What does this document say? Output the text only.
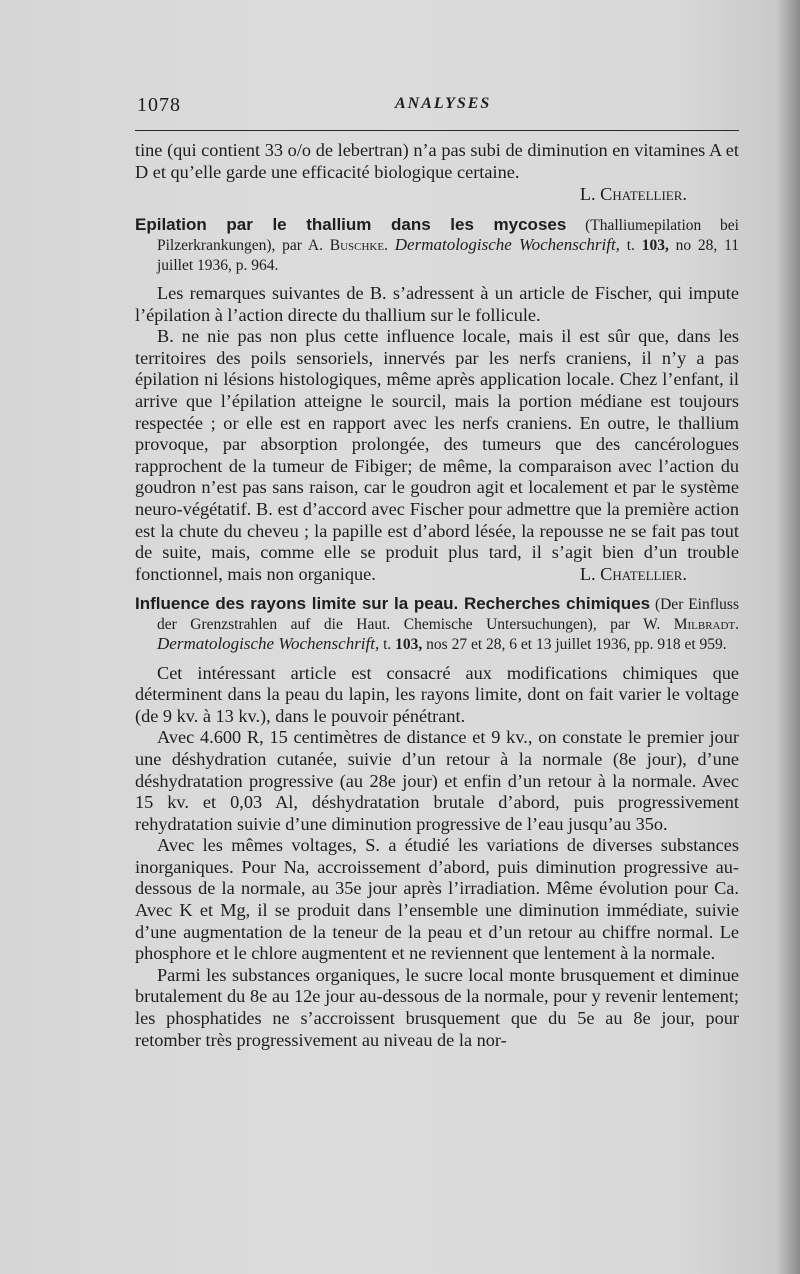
1078	ANALYSES

tine (qui contient 33 o/o de lebertran) n’a pas subi de diminution en vitamines A et D et qu’elle garde une efficacité biologique certaine.

L. Chatellier.

Epilation par le thallium dans les mycoses (Thalliumepilation bei Pilzerkrankungen), par A. Buschke. Dermatologische Wochenschrift, t. 103, no 28, 11 juillet 1936, p. 964.

Les remarques suivantes de B. s’adressent à un article de Fischer, qui impute l’épilation à l’action directe du thallium sur le follicule.

B. ne nie pas non plus cette influence locale, mais il est sûr que, dans les territoires des poils sensoriels, innervés par les nerfs craniens, il n’y a pas épilation ni lésions histologiques, même après application locale. Chez l’enfant, il arrive que l’épilation atteigne le sourcil, mais la portion médiane est toujours respectée ; or elle est en rapport avec les nerfs craniens. En outre, le thallium provoque, par absorption prolongée, des tumeurs que des cancérologues rapprochent de la tumeur de Fibiger; de même, la comparaison avec l’action du goudron n’est pas sans raison, car le goudron agit et localement et par le système neuro-végétatif. B. est d’accord avec Fischer pour admettre que la première action est la chute du cheveu ; la papille est d’abord lésée, la repousse ne se fait pas tout de suite, mais, comme elle se produit plus tard, il s’agit bien d’un trouble fonctionnel, mais non organique.	L. Chatellier.

Influence des rayons limite sur la peau. Recherches chimiques (Der Einfluss der Grenzstrahlen auf die Haut. Chemische Untersuchungen), par W. Milbradt. Dermatologische Wochenschrift, t. 103, nos 27 et 28, 6 et 13 juillet 1936, pp. 918 et 959.

Cet intéressant article est consacré aux modifications chimiques que déterminent dans la peau du lapin, les rayons limite, dont on fait varier le voltage (de 9 kv. à 13 kv.), dans le pouvoir pénétrant.

Avec 4.600 R, 15 centimètres de distance et 9 kv., on constate le premier jour une déshydration cutanée, suivie d’un retour à la normale (8e jour), d’une déshydratation progressive (au 28e jour) et enfin d’un retour à la normale. Avec 15 kv. et 0,03 Al, déshydratation brutale d’abord, puis progressivement rehydratation suivie d’une diminution progressive de l’eau jusqu’au 35o.

Avec les mêmes voltages, S. a étudié les variations de diverses substances inorganiques. Pour Na, accroissement d’abord, puis diminution progressive au-dessous de la normale, au 35e jour après l’irradiation. Même évolution pour Ca. Avec K et Mg, il se produit dans l’ensemble une diminution immédiate, suivie d’une augmentation de la teneur de la peau et d’un retour au chiffre normal. Le phosphore et le chlore augmentent et ne reviennent que lentement à la normale.

Parmi les substances organiques, le sucre local monte brusquement et diminue brutalement du 8e au 12e jour au-dessous de la normale, pour y revenir lentement; les phosphatides ne s’accroissent brusquement que du 5e au 8e jour, pour retomber très progressivement au niveau de la nor-
